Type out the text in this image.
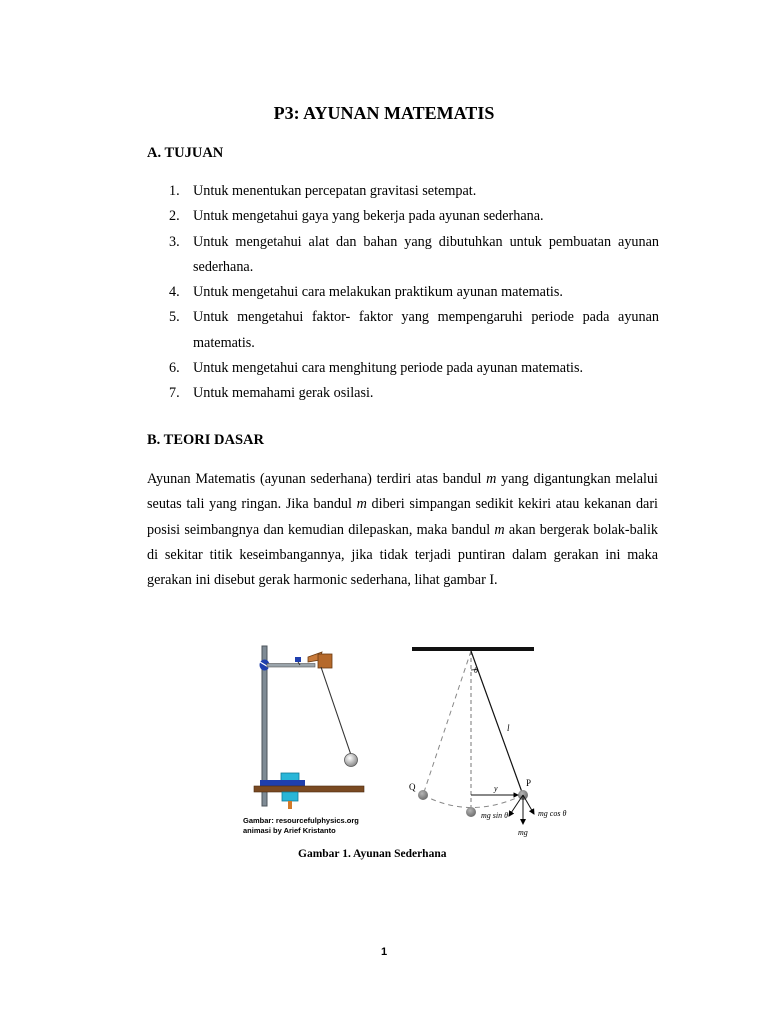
P3: AYUNAN MATEMATIS
A. TUJUAN
1. Untuk menentukan percepatan gravitasi setempat.
2. Untuk mengetahui gaya yang bekerja pada ayunan sederhana.
3. Untuk mengetahui alat dan bahan yang dibutuhkan untuk pembuatan ayunan sederhana.
4. Untuk mengetahui cara melakukan praktikum ayunan matematis.
5. Untuk mengetahui faktor- faktor yang mempengaruhi periode pada ayunan matematis.
6. Untuk mengetahui cara menghitung periode pada ayunan matematis.
7. Untuk memahami gerak osilasi.
B. TEORI DASAR

Ayunan Matematis (ayunan sederhana) terdiri atas bandul m yang digantungkan melalui seutas tali yang ringan. Jika bandul m diberi simpangan sedikit kekiri atau kekanan dari posisi seimbangnya dan kemudian dilepaskan, maka bandul m akan bergerak bolak-balik di sekitar titik keseimbangannya, jika tidak terjadi puntiran dalam gerakan ini maka gerakan ini disebut gerak harmonic sederhana, lihat gambar I.

Gambar: resourcefulphysics.org
animasi by Arief Kristanto
θ
l
Q	P
y
mg sin θ	mg cos θ
mg
Gambar 1. Ayunan Sederhana
1
